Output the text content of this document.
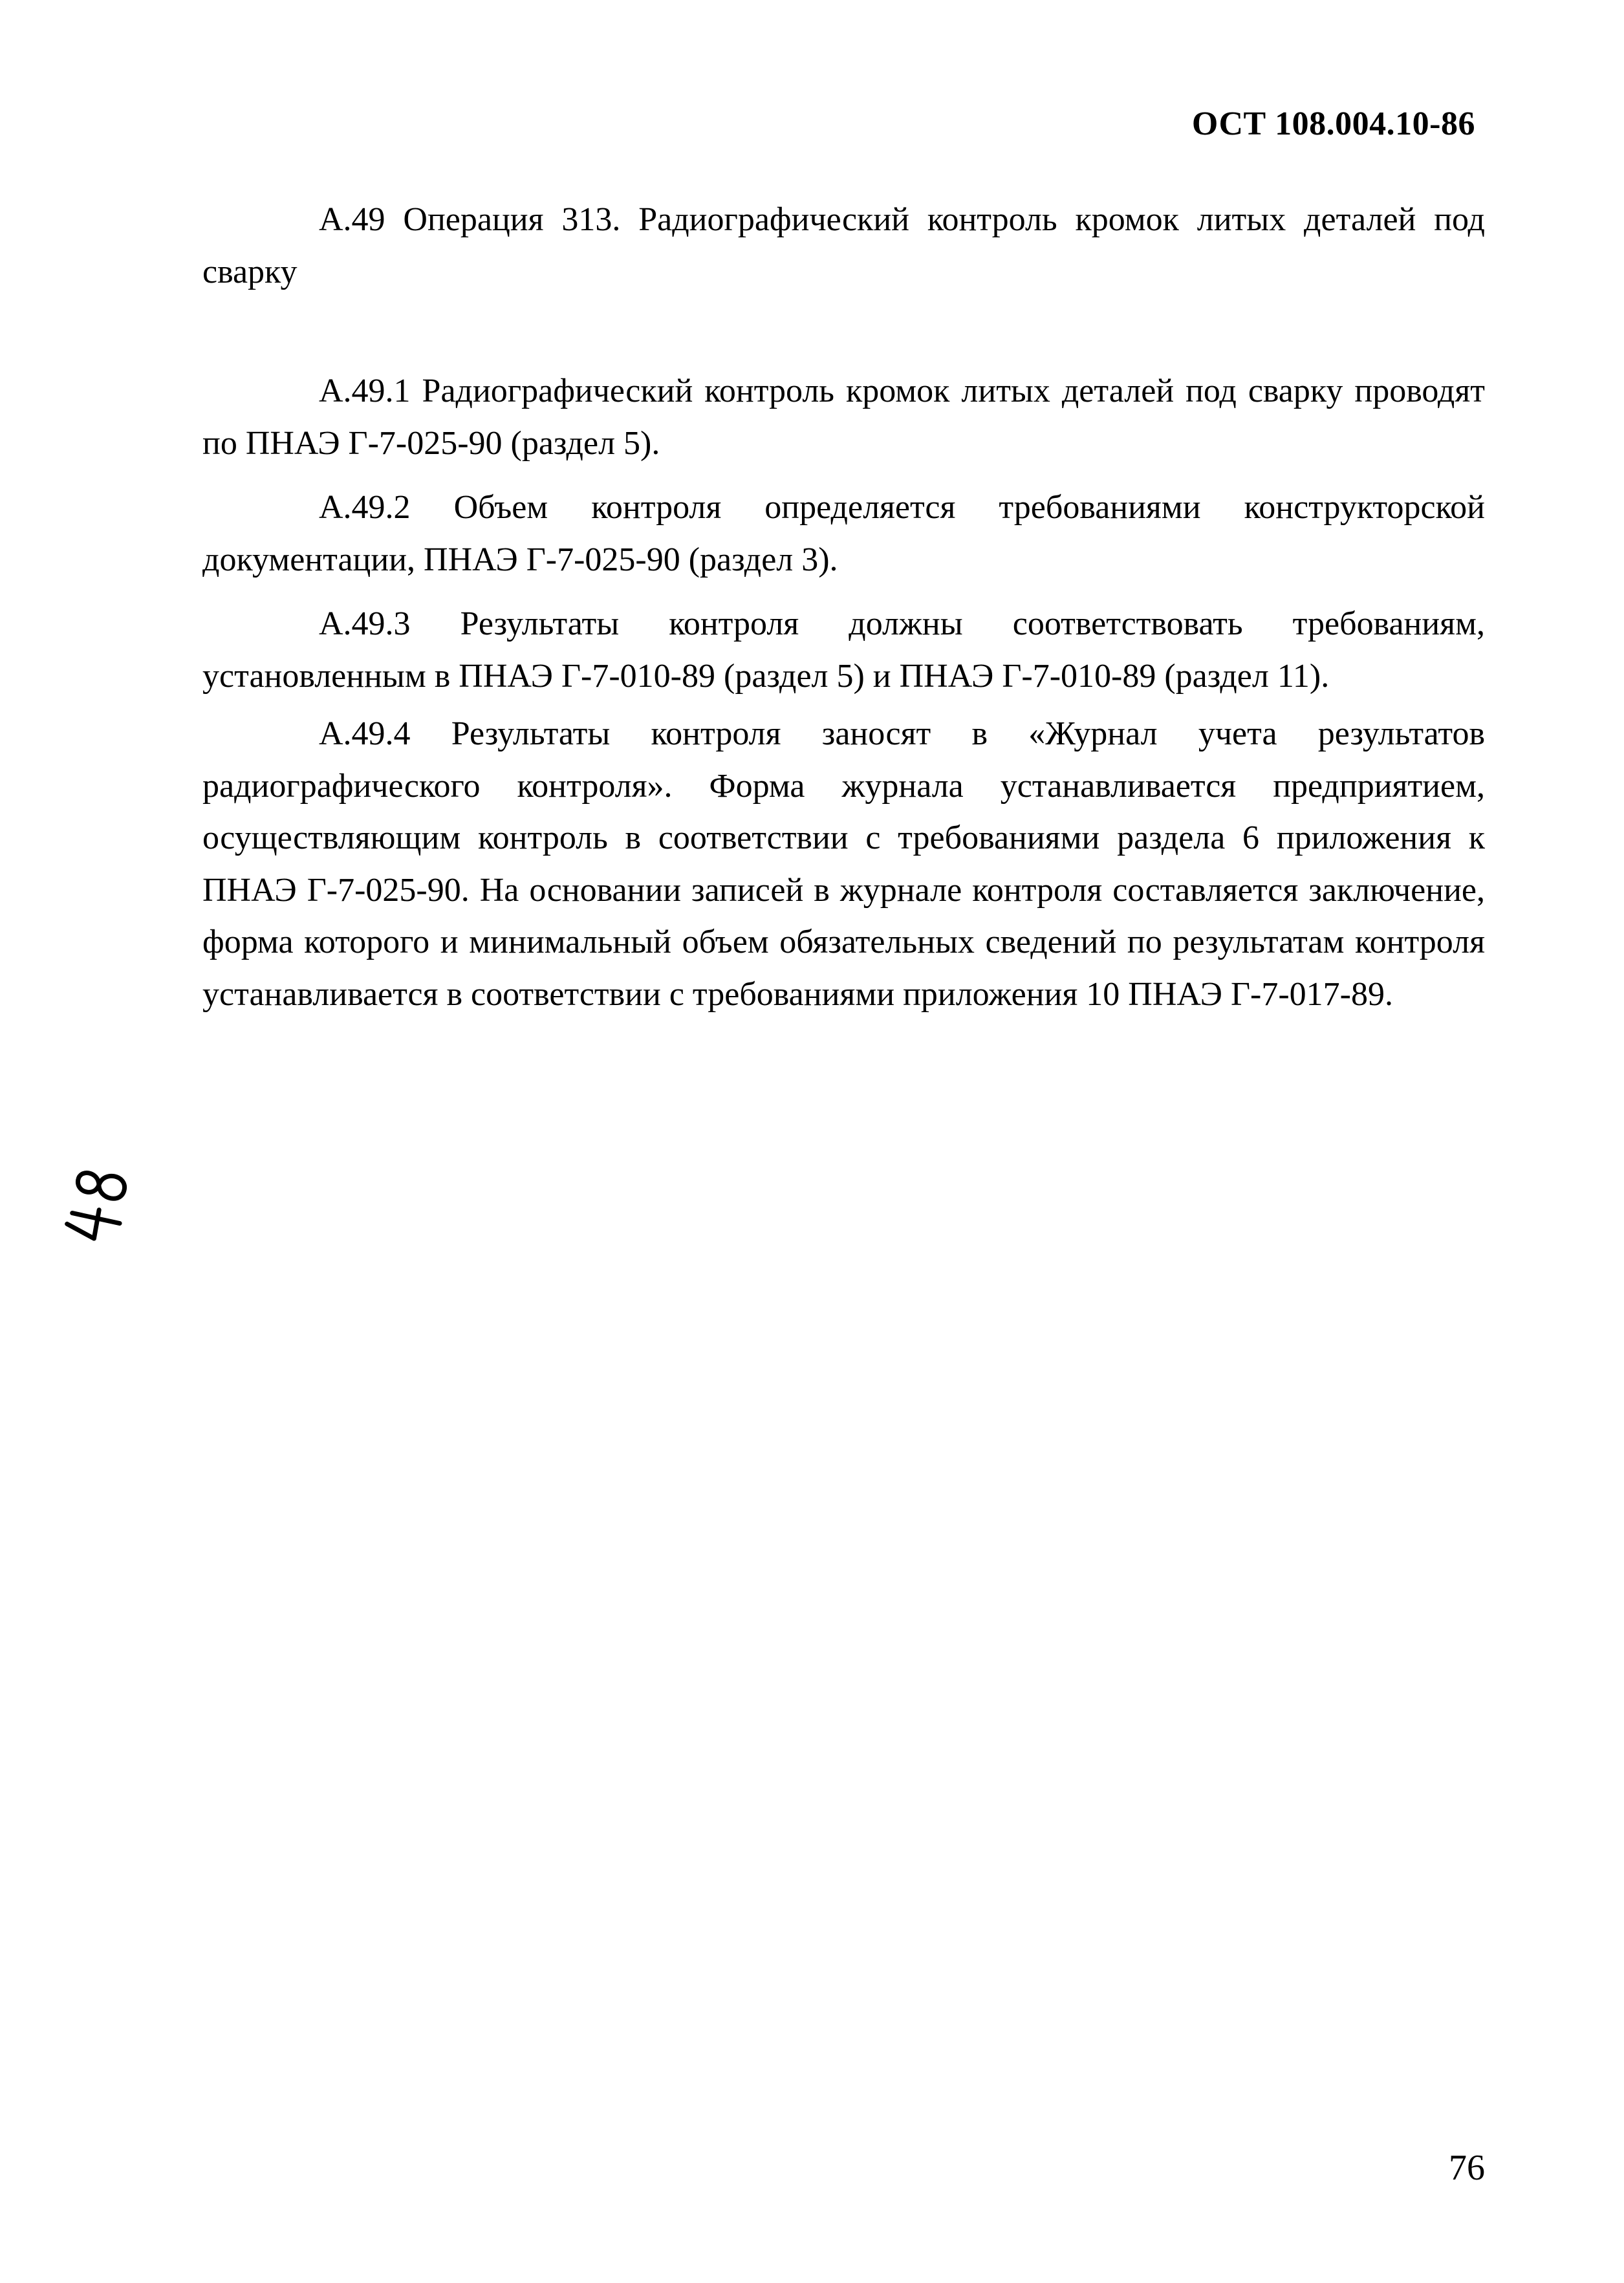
ОСТ 108.004.10-86

А.49 Операция 313. Радиографический контроль кромок литых деталей под сварку

А.49.1 Радиографический контроль кромок литых деталей под сварку проводят по ПНАЭ Г-7-025-90 (раздел 5).

А.49.2 Объем контроля определяется требованиями конструкторской документации, ПНАЭ Г-7-025-90 (раздел 3).

А.49.3 Результаты контроля должны соответствовать требованиям, установленным в ПНАЭ Г-7-010-89 (раздел 5) и ПНАЭ Г-7-010-89 (раздел 11).

А.49.4 Результаты контроля заносят в «Журнал учета результатов радиографического контроля». Форма журнала устанавливается предприятием, осуществляющим контроль в соответствии с требованиями раздела 6 приложения к ПНАЭ Г-7-025-90. На основании записей в журнале контроля составляется заключение, форма которого и минимальный объем обязательных сведений по результатам контроля устанавливается в соответствии с требованиями приложения 10 ПНАЭ Г-7-017-89.

76
